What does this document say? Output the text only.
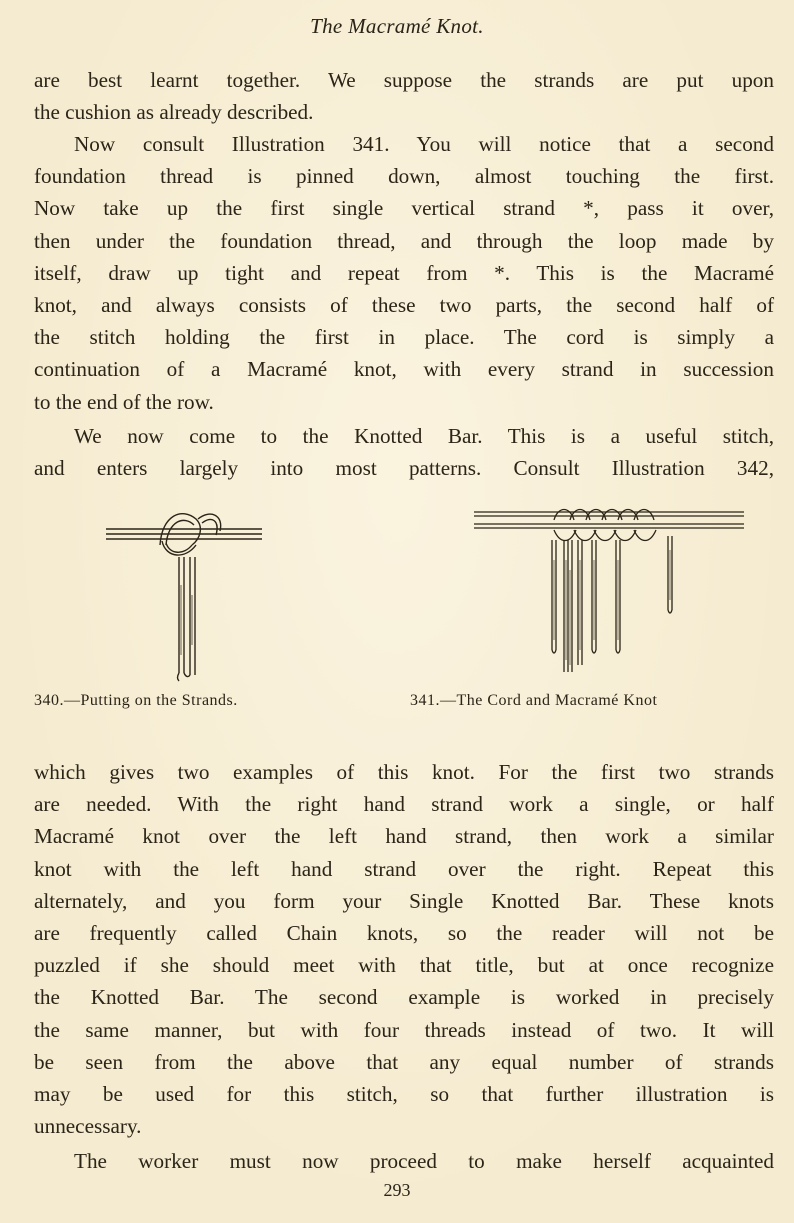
The Macramé Knot.
are best learnt together. We suppose the strands are put upon
the cushion as already described.
Now consult Illustration 341. You will notice that a second
foundation thread is pinned down, almost touching the first.
Now take up the first single vertical strand *, pass it over,
then under the foundation thread, and through the loop made by
itself, draw up tight and repeat from *. This is the Macramé
knot, and always consists of these two parts, the second half of
the stitch holding the first in place. The cord is simply a
continuation of a Macramé knot, with every strand in succession
to the end of the row.
We now come to the Knotted Bar. This is a useful stitch,
and enters largely into most patterns. Consult Illustration 342,
340.—Putting on the Strands.	341.—The Cord and Macramé Knot
which gives two examples of this knot. For the first two strands
are needed. With the right hand strand work a single, or half
Macramé knot over the left hand strand, then work a similar
knot with the left hand strand over the right. Repeat this
alternately, and you form your Single Knotted Bar. These knots
are frequently called Chain knots, so the reader will not be
puzzled if she should meet with that title, but at once recognize
the Knotted Bar. The second example is worked in precisely
the same manner, but with four threads instead of two. It will
be seen from the above that any equal number of strands
may be used for this stitch, so that further illustration is
unnecessary.
The worker must now proceed to make herself acquainted
293
